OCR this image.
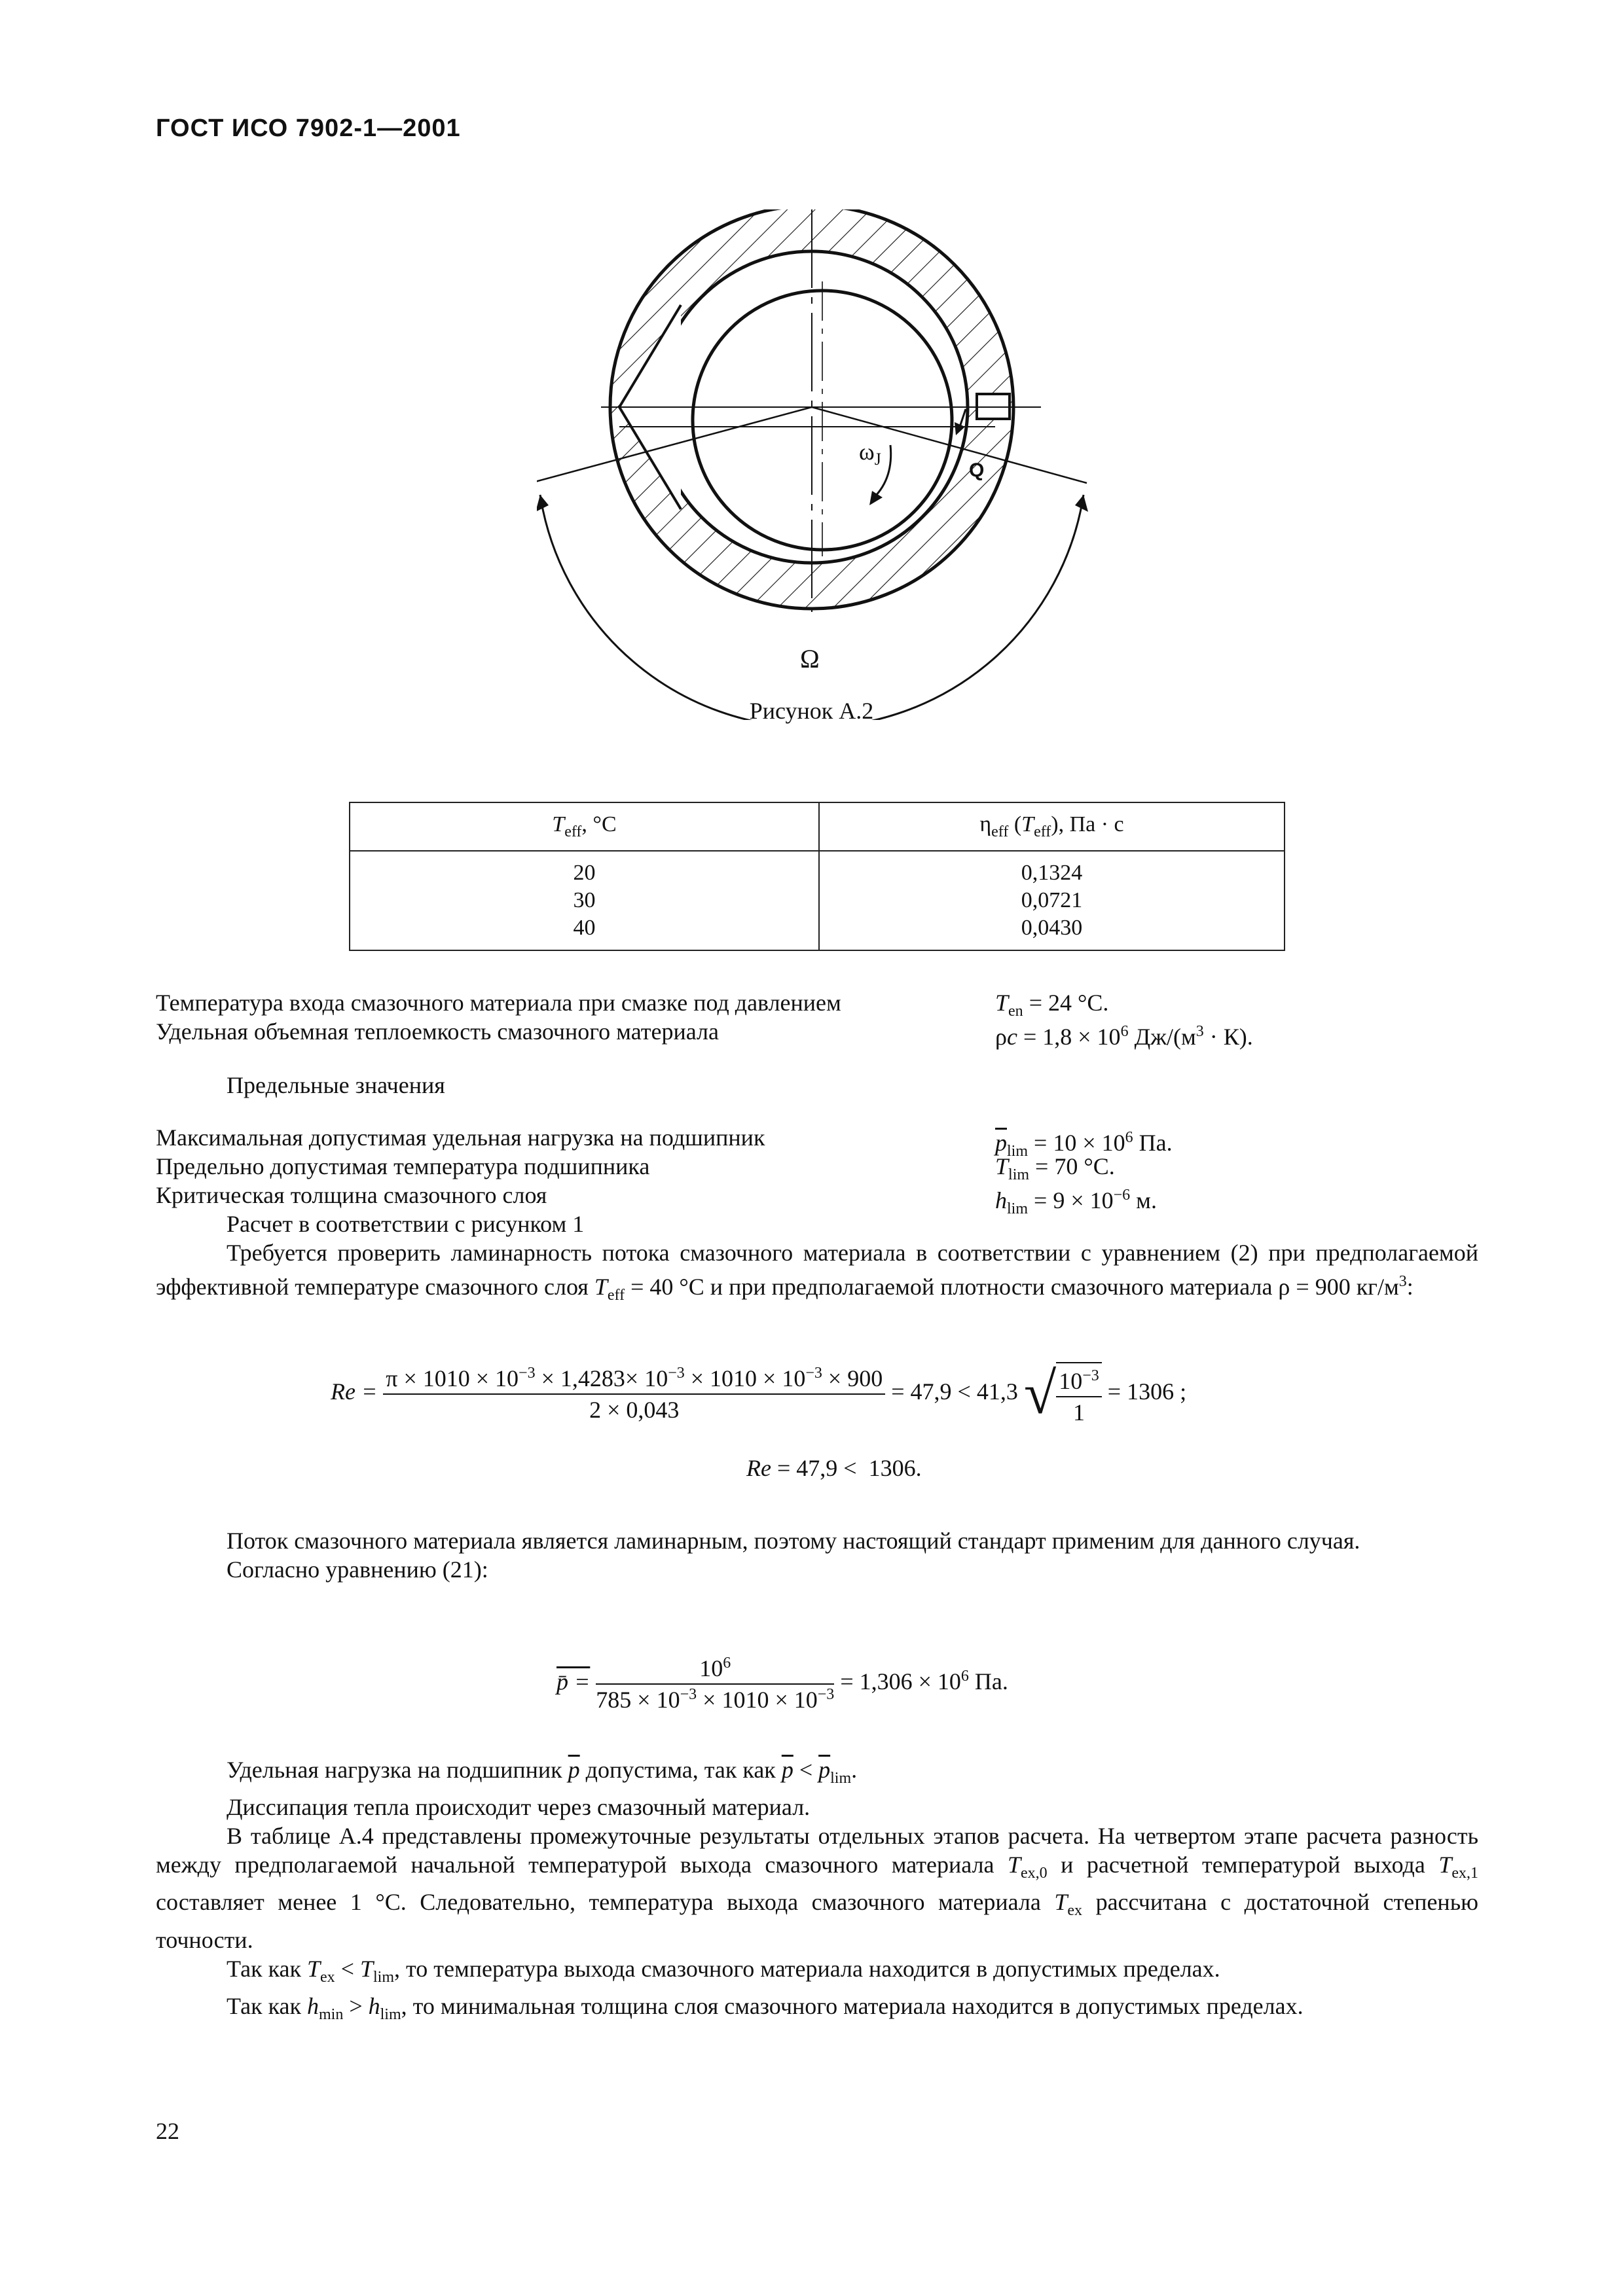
ГОСТ ИСО 7902-1—2001
$\omega_J$
Q
Ω
Рисунок А.2
$T_{eff}$, °С	$\eta_{eff}$ $(T_{eff})$, Па · с
20	0,1324
30	0,0721
40	0,0430
Температура входа смазочного материала при смазке под давлением	$T_{en} = 24$ °С.
Удельная объемная теплоемкость смазочного материала	$\rho c = 1,8 \times 10^6$ $Дж/(м^3 \cdot К)$.
Предельные значения
Максимальная допустимая удельная нагрузка на подшипник	$\overline{p}_{lim} = 10 \times 10^6$ Па.
Предельно допустимая температура подшипника	$T_{lim} = 70$ °С.
Критическая толщина смазочного слоя	$h_{lim} = 9 \times 10^{-6}$ м.
Расчет в соответствии с рисунком 1

Требуется проверить ламинарность потока смазочного материала в соответствии с уравнением (2) при предполагаемой эффективной температуре смазочного слоя $T_{eff} = 40$ °С и при предполагаемой плотности смазочного материала ρ = 900 $кг/м^3$:

$Re = \frac{\pi \times 1010 \times 10^{-3} \times 1,4283\times 10^{-3} \times 1010 \times 10^{-3} \times 900}{2 \times 0,043} = 47,9 < 41,3$ √ $\frac{10^{-3}}{1} = 1306$ ;
Re = 47,9 <  1306.

Поток смазочного материала является ламинарным, поэтому настоящий стандарт применим для данного случая.

Согласно уравнению (21):

p̄ = $\frac{10^6}{785 \times 10^{-3} \times 1010 \times 10^{-3}} = 1,306 \times 10^6$ Па.

Удельная нагрузка на подшипник $\overline{p}$ допустима, так как $\overline{p} < \overline{p}_{lim}$.

Диссипация тепла происходит через смазочный материал.

В таблице А.4 представлены промежуточные результаты отдельных этапов расчета. На четвертом этапе расчета разность между предполагаемой начальной температурой выхода смазочного материала $T_{ex,0}$ и расчетной температурой выхода $T_{ex,1}$ составляет менее 1 °С. Следовательно, температура выхода смазочного материала $T_{ex}$ рассчитана с достаточной степенью точности.

Так как $T_{ex} < T_{lim}$, то температура выхода смазочного материала находится в допустимых пределах.

Так как $h_{min} > h_{lim}$, то минимальная толщина слоя смазочного материала находится в допустимых пределах.

22
